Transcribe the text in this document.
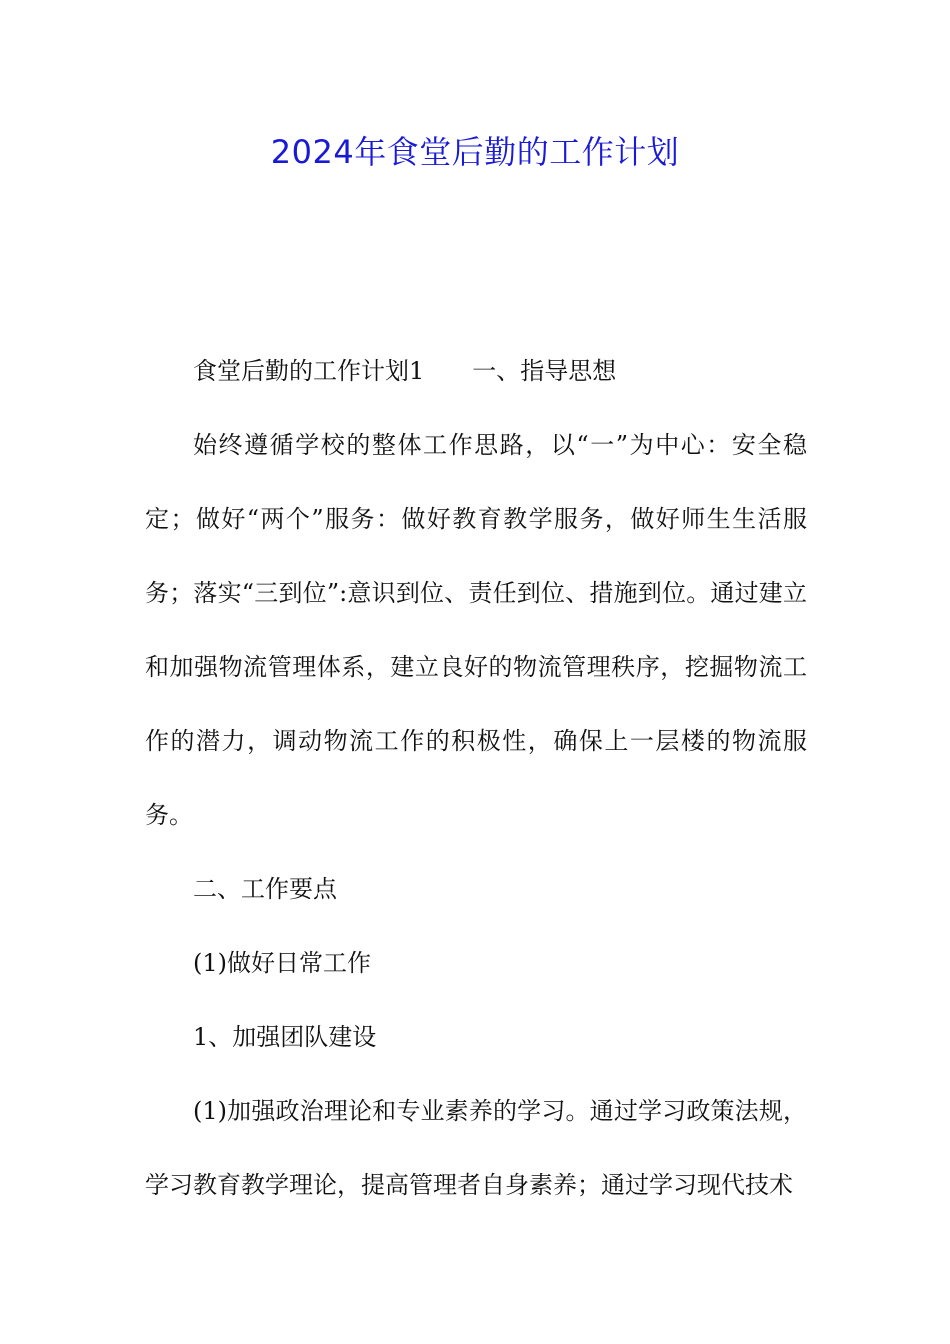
2024年食堂后勤的工作计划

食堂后勤的工作计划1 一、指导思想

始终遵循学校的整体工作思路，以“一”为中心：安全稳定；做好“两个”服务：做好教育教学服务，做好师生生活服务；落实“三到位”:意识到位、责任到位、措施到位。通过建立和加强物流管理体系，建立良好的物流管理秩序，挖掘物流工作的潜力，调动物流工作的积极性，确保上一层楼的物流服务。

二、工作要点

(1)做好日常工作

1、加强团队建设

(1)加强政治理论和专业素养的学习。通过学习政策法规，学习教育教学理论，提高管理者自身素养；通过学习现代技术
